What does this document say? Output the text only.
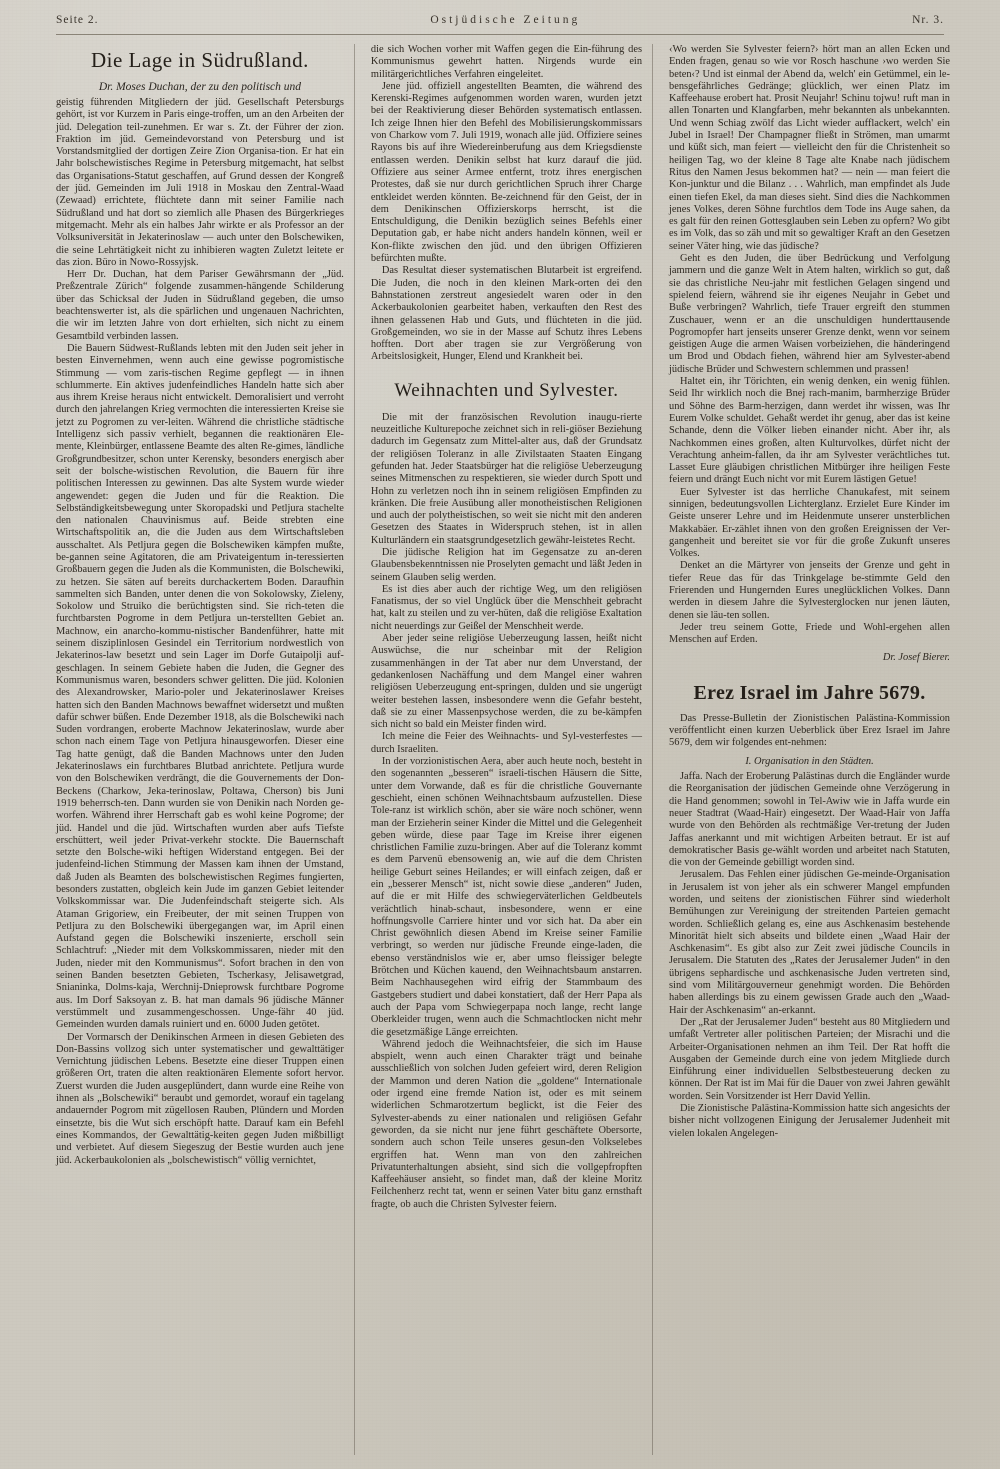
Seite 2.	Ostjüdische Zeitung	Nr. 3.
Die Lage in Südrußland.
Dr. Moses Duchan, der zu den politisch und

geistig führenden Mitgliedern der jüd. Gesellschaft Petersburgs gehört, ist vor Kurzem in Paris einge-troffen, um an den Arbeiten der jüd. Delegation teil-zunehmen. Er war s. Zt. der Führer der zion. Fraktion im jüd. Gemeindevorstand von Petersburg und ist Vorstandsmitglied der dortigen Zeire Zion Organisa-tion. Er hat ein Jahr bolschewistisches Regime in Petersburg mitgemacht, hat selbst das Organisations-Statut geschaffen, auf Grund dessen der Kongreß der jüd. Gemeinden im Juli 1918 in Moskau den Zentral-Waad (Zewaad) errichtete, flüchtete dann mit seiner Familie nach Südrußland und hat dort so ziemlich alle Phasen des Bürgerkrieges mitgemacht. Mehr als ein halbes Jahr wirkte er als Professor an der Volksuniversität in Jekaterinoslaw — auch unter den Bolschewiken, die seine Lehrtätigkeit nicht zu inhibieren wagten Zuletzt leitete er das zion. Büro in Nowo-Rossyjsk.

Herr Dr. Duchan, hat dem Pariser Gewährsmann der „Jüd. Preßzentrale Zürich“ folgende zusammen-hängende Schilderung über das Schicksal der Juden in Südrußland gegeben, die umso beachtenswerter ist, als die spärlichen und ungenauen Nachrichten, die wir im letzten Jahre von dort erhielten, sich nicht zu einem Gesamtbild verbinden lassen.

Die Bauern Südwest-Rußlands lebten mit den Juden seit jeher in besten Einvernehmen, wenn auch eine gewisse pogromistische Stimmung — vom zaris-tischen Regime gepflegt — in ihnen schlummerte. Ein aktives judenfeindliches Handeln hatte sich aber aus ihrem Kreise heraus nicht entwickelt. Demoralisiert und verroht durch den jahrelangen Krieg vermochten die interessierten Kreise sie jetzt zu Pogromen zu ver-leiten. Während die christliche städtische Intelligenz sich passiv verhielt, begannen die reaktionären Ele-mente, Kleinbürger, entlassene Beamte des alten Re-gimes, ländliche Großgrundbesitzer, schon unter Kerensky, besonders energisch aber seit der bolsche-wistischen Revolution, die Bauern für ihre politischen Interessen zu gewinnen. Das alte System wurde wieder angewendet: gegen die Juden und für die Reaktion. Die Selbständigkeitsbewegung unter Skoropadski und Petljura stachelte den nationalen Chauvinismus auf. Beide strebten eine Wirtschaftspolitik an, die die Juden aus dem Wirtschaftsleben ausschaltet. Als Petljura gegen die Bolschewiken kämpfen mußte, be-gannen seine Agitatoren, die am Privateigentum in-teressierten Großbauern gegen die Juden als die Kommunisten, die Bolschewiki, zu hetzen. Sie säten auf bereits durchackertem Boden. Daraufhin sammelten sich Banden, unter denen die von Sokolowsky, Zieleny, Sokolow und Struiko die berüchtigsten sind. Sie rich-teten die furchtbarsten Pogrome in dem Petljura un-terstellten Gebiet an. Machnow, ein anarcho-kommu-nistischer Bandenführer, hatte mit seinem disziplinlosen Gesindel ein Territorium nordwestlich von Jekaterinos-law besetzt und sein Lager im Dorfe Gutaipolji auf-geschlagen. In seinem Gebiete haben die Juden, die Gegner des Kommunismus waren, besonders schwer gelitten. Die jüd. Kolonien des Alexandrowsker, Mario-poler und Jekaterinoslawer Kreises hatten sich den Banden Machnows bewaffnet widersetzt und mußten dafür schwer büßen. Ende Dezember 1918, als die Bolschewiki nach Suden vordrangen, eroberte Machnow Jekaterinoslaw, wurde aber schon nach einem Tage von Petljura hinausgeworfen. Dieser eine Tag hatte genügt, daß die Banden Machnows unter den Juden Jekaterinoslaws ein furchtbares Blutbad anrichtete. Petljura wurde von den Bolschewiken verdrängt, die die Gouvernements der Don-Beckens (Charkow, Jeka-terinoslaw, Poltawa, Cherson) bis Juni 1919 beherrsch-ten. Dann wurden sie von Denikin nach Norden ge-worfen. Während ihrer Herrschaft gab es wohl keine Pogrome; der jüd. Handel und die jüd. Wirtschaften wurden aber aufs Tiefste erschüttert, weil jeder Privat-verkehr stockte. Die Bauernschaft setzte den Bolsche-wiki heftigen Widerstand entgegen. Bei der judenfeind-lichen Stimmung der Massen kam ihnen der Umstand, daß Juden als Beamten des bolschewistischen Regimes fungierten, besonders zustatten, obgleich kein Jude im ganzen Gebiet leitender Volkskommissar war. Die Judenfeindschaft steigerte sich. Als Ataman Grigoriew, ein Freibeuter, der mit seinen Truppen von Petljura zu den Bolschewiki übergegangen war, im April einen Aufstand gegen die Bolschewiki inszenierte, erscholl sein Schlachtruf: „Nieder mit dem Volkskommissaren, nieder mit den Juden, nieder mit den Kommunismus“. Sofort brachen in den von seinen Banden besetzten Gebieten, Tscherkasy, Jelisawetgrad, Snianinka, Dolms-kaja, Werchnij-Dnieprowsk furchtbare Pogrome aus. Im Dorf Saksoyan z. B. hat man damals 96 jüdische Männer verstümmelt und zusammengeschossen. Unge-fähr 40 jüd. Gemeinden wurden damals ruiniert und en. 6000 Juden getötet.

Der Vormarsch der Denikinschen Armeen in diesen Gebieten des Don-Bassins vollzog sich unter systematischer und gewalttätiger Vernichtung jüdischen Lebens. Besetzte eine dieser Truppen einen größeren Ort, traten die alten reaktionären Elemente sofort hervor. Zuerst wurden die Juden ausgeplündert, dann wurde eine Reihe von ihnen als „Bolschewiki“ beraubt und gemordet, worauf ein tagelang andauernder Pogrom mit zügellosen Rauben, Plündern und Morden einsetzte, bis die Wut sich erschöpft hatte. Darauf kam ein Befehl eines Kommandos, der Gewalttätig-keiten gegen Juden mißbilligt und verbietet. Auf diesem Siegeszug der Bestie wurden auch jene jüd. Ackerbaukolonien als „bolschewistisch“ völlig vernichtet,

die sich Wochen vorher mit Waffen gegen die Ein-führung des Kommunismus gewehrt hatten. Nirgends wurde ein militärgerichtliches Verfahren eingeleitet.

Jene jüd. offiziell angestellten Beamten, die während des Kerenski-Regimes aufgenommen worden waren, wurden jetzt bei der Reaktivierung dieser Behörden systematisch entlassen. Ich zeige Ihnen hier den Befehl des Mobilisierungskommissars von Charkow vom 7. Juli 1919, wonach alle jüd. Offiziere seines Rayons bis auf ihre Wiedereinberufung aus dem Kriegsdienste entlassen werden. Denikin selbst hat kurz darauf die jüd. Offiziere aus seiner Armee entfernt, trotz ihres energischen Protestes, daß sie nur durch gerichtlichen Spruch ihrer Charge entkleidet werden könnten. Be-zeichnend für den Geist, der in dem Denikinschen Offizierskorps herrscht, ist die Entschuldigung, die Denikin bezüglich seines Befehls einer Deputation gab, er habe nicht anders handeln können, weil er Kon-flikte zwischen den jüd. und den übrigen Offizieren befürchten mußte.

Das Resultat dieser systematischen Blutarbeit ist ergreifend. Die Juden, die noch in den kleinen Mark-orten dei den Bahnstationen zerstreut angesiedelt waren oder in den Ackerbaukolonien gearbeitet haben, verkauften den Rest des ihnen gelassenen Hab und Guts, und flüchteten in die jüd. Großgemeinden, wo sie in der Masse auf Schutz ihres Lebens hofften. Dort aber tragen sie zur Vergrößerung von Arbeitslosigkeit, Hunger, Elend und Krankheit bei.

Weihnachten und Sylvester.

Die mit der französischen Revolution inaugu-rierte neuzeitliche Kulturepoche zeichnet sich in reli-giöser Beziehung dadurch im Gegensatz zum Mittel-alter aus, daß der Grundsatz der religiösen Toleranz in alle Zivilstaaten Staaten Eingang gefunden hat. Jeder Staatsbürger hat die religiöse Ueberzeugung seines Mitmenschen zu respektieren, sie wieder durch Spott und Hohn zu verletzen noch ihn in seinem religiösen Empfinden zu kränken. Die freie Ausübung aller monotheistischen Religionen und auch der polytheistischen, so weit sie nicht mit den anderen Gesetzen des Staates in Widerspruch stehen, ist in allen Kulturländern ein staatsgrundgesetzlich gewähr-leistetes Recht.

Die jüdische Religion hat im Gegensatze zu an-deren Glaubensbekenntnissen nie Proselyten gemacht und läßt Jeden in seinem Glauben selig werden.

Es ist dies aber auch der richtige Weg, um den religiösen Fanatismus, der so viel Unglück über die Menschheit gebracht hat, kalt zu steilen und zu ver-hüten, daß die religiöse Exaltation nicht neuerdings zur Geißel der Menschheit werde.

Aber jeder seine religiöse Ueberzeugung lassen, heißt nicht Auswüchse, die nur scheinbar mit der Religion zusammenhängen in der Tat aber nur dem Unverstand, der gedankenlosen Nachäffung und dem Mangel einer wahren religiösen Ueberzeugung ent-springen, dulden und sie ungerügt weiter bestehen lassen, insbesondere wenn die Gefahr besteht, daß sie zu einer Massenpsychose werden, die zu be-kämpfen sich nicht so bald ein Meister finden wird.

Ich meine die Feier des Weihnachts- und Syl-vesterfestes — durch Israeliten.

In der vorzionistischen Aera, aber auch heute noch, besteht in den sogenannten „besseren“ israeli-tischen Häusern die Sitte, unter dem Vorwande, daß es für die christliche Gouvernante geschieht, einen schönen Weihnachtsbaum aufzustellen. Diese Tole-ranz ist wirklich schön, aber sie wäre noch schöner, wenn man der Erzieherin seiner Kinder die Mittel und die Gelegenheit geben würde, diese paar Tage im Kreise ihrer eigenen christlichen Familie zuzu-bringen. Aber auf die Toleranz kommt es dem Parvenü ebensowenig an, wie auf die dem Christen heilige Geburt seines Heilandes; er will einfach zeigen, daß er ein „besserer Mensch“ ist, nicht sowie diese „anderen“ Juden, auf die er mit Hilfe des schwiegerväterlichen Geldbeutels verächtlich hinab-schaut, insbesondere, wenn er eine hoffnungsvolle Carriere hinter und vor sich hat. Da aber ein Christ gewöhnlich diesen Abend im Kreise seiner Familie verbringt, so werden nur jüdische Freunde einge-laden, die ebenso verständnislos wie er, aber umso fleissiger belegte Brötchen und Küchen kauend, den Weihnachtsbaum anstarren. Beim Nachhausegehen wird eifrig der Stammbaum des Gastgebers studiert und dabei konstatiert, daß der Herr Papa als auch der Papa vom Schwiegerpapa noch lange, recht lange Oberkleider trugen, wenn auch die Schmachtlocken nicht mehr die gesetzmäßige Länge erreichten.

Während jedoch die Weihnachtsfeier, die sich im Hause abspielt, wenn auch einen Charakter trägt und beinahe ausschließlich von solchen Juden gefeiert wird, deren Religion der Mammon und deren Nation die „goldene“ Internationale oder irgend eine fremde Nation ist, oder es mit seinem widerlichen Schmarotzertum beglickt, ist die Feier des Sylvester-abends zu einer nationalen und religiösen Gefahr geworden, da sie nicht nur jene führt geschäftete Obersorte, sondern auch schon Teile unseres gesun-den Volkselebes ergriffen hat. Wenn man von den zahlreichen Privatunterhaltungen absieht, sind sich die vollgepfropften Kaffeehäuser ansieht, so findet man, daß der kleine Moritz Feilchenherz recht tat, wenn er seinen Vater bitu ganz ernsthaft fragte, ob auch die Christen Sylvester feiern.

‹Wo werden Sie Sylvester feiern?› hört man an allen Ecken und Enden fragen, genau so wie vor Rosch haschune ›wo werden Sie beten‹? Und ist einmal der Abend da, welch' ein Getümmel, ein le-bensgefährliches Gedränge; glücklich, wer einen Platz im Kaffeehause erobert hat. Prosit Neujahr! Schinu tojwu! ruft man in allen Tonarten und Klangfarben, mehr bekannten als unbekannten. Und wenn Schiag zwölf das Licht wieder aufflackert, welch' ein Jubel in Israel! Der Champagner fließt in Strömen, man umarmt und küßt sich, man feiert — vielleicht den für die Christenheit so heiligen Tag, wo der kleine 8 Tage alte Knabe nach jüdischem Ritus den Namen Jesus bekommen hat? — nein — man feiert die Kon-junktur und die Bilanz . . . Wahrlich, man empfindet als Jude einen tiefen Ekel, da man dieses sieht. Sind dies die Nachkommen jenes Volkes, deren Söhne furchtlos dem Tode ins Auge sahen, da es galt für den reinen Gottesglauben sein Leben zu opfern? Wo gibt es im Volk, das so zäh und mit so gewaltiger Kraft an den Gesetzen seiner Väter hing, wie das jüdische?

Geht es den Juden, die über Bedrückung und Verfolgung jammern und die ganze Welt in Atem halten, wirklich so gut, daß sie das christliche Neu-jahr mit festlichen Gelagen singend und spielend feiern, während sie ihr eigenes Neujahr in Gebet und Buße verbringen? Wahrlich, tiefe Trauer ergreift den stummen Zuschauer, wenn er an die unschuldigen hunderttausende Pogromopfer hart jenseits unserer Grenze denkt, wenn vor seinem geistigen Auge die armen Waisen vorbeiziehen, die händeringend um Brod und Obdach fiehen, während hier am Sylvester-abend jüdische Brüder und Schwestern schlemmen und prassen!

Haltet ein, ihr Törichten, ein wenig denken, ein wenig fühlen. Seid Ihr wirklich noch die Bnej rach-manim, barmherzige Brüder und Söhne des Barm-herzigen, dann werdet ihr wissen, was Ihr Eurem Volke schuldet. Gehaßt werdet ihr genug, aber das ist keine Schande, denn die Völker lieben einander nicht. Aber ihr, als Nachkommen eines großen, alten Kulturvolkes, dürfet nicht der Verachtung anheim-fallen, da ihr am Sylvester verächtliches tut. Lasset Eure gläubigen christlichen Mitbürger ihre heiligen Feste feiern und drängt Euch nicht vor mit Eurem lästigen Getue!

Euer Sylvester ist das herrliche Chanukafest, mit seinem sinnigen, bedeutungsvollen Lichterglanz. Erzielet Eure Kinder im Geiste unserer Lehre und im Heidenmute unserer unsterblichen Makkabäer. Er-zählet ihnen von den großen Ereignissen der Ver-gangenheit und bereitet sie vor für die große Zukunft unseres Volkes.

Denket an die Märtyrer von jenseits der Grenze und geht in tiefer Reue das für das Trinkgelage be-stimmte Geld den Frierenden und Hungernden Eures uneglücklichen Volkes. Dann werden in diesem Jahre die Sylvesterglocken nur jenen läuten, denen sie läu-ten sollen.

Jeder treu seinem Gotte, Friede und Wohl-ergehen allen Menschen auf Erden.

Dr. Josef Bierer.

Erez Israel im Jahre 5679.

Das Presse-Bulletin der Zionistischen Palästina-Kommission veröffentlicht einen kurzen Ueberblick über Erez Israel im Jahre 5679, dem wir folgendes ent-nehmen:

I. Organisation in den Städten.

Jaffa. Nach der Eroberung Palästinas durch die Engländer wurde die Reorganisation der jüdischen Gemeinde ohne Verzögerung in die Hand genommen; sowohl in Tel-Awiw wie in Jaffa wurde ein neuer Stadtrat (Waad-Hair) eingesetzt. Der Waad-Hair von Jaffa wurde von den Behörden als rechtmäßige Ver-tretung der Juden Jaffas anerkannt und mit wichtigen Arbeiten betraut. Er ist auf demokratischer Basis ge-wählt worden und arbeitet nach Statuten, die von der Gemeinde gebilligt worden sind.

Jerusalem. Das Fehlen einer jüdischen Ge-meinde-Organisation in Jerusalem ist von jeher als ein schwerer Mangel empfunden worden, und seitens der zionistischen Führer sind wiederholt Bemühungen zur Vereinigung der streitenden Parteien gemacht worden. Schließlich gelang es, eine aus Aschkenasim bestehende Minorität hielt sich abseits und bildete einen „Waad Hair der Aschkenasim“. Es gibt also zur Zeit zwei jüdische Councils in Jerusalem. Die Statuten des „Rates der Jerusalemer Juden“ in den übrigens sephardische und aschkenasische Juden vertreten sind, sind vom Militärgouverneur genehmigt worden. Die Behörden haben allerdings bis zu einem gewissen Grade auch den „Waad-Hair der Aschkenasim“ an-erkannt.

Der „Rat der Jerusalemer Juden“ besteht aus 80 Mitgliedern und umfaßt Vertreter aller politischen Parteien; der Misrachi und die Arbeiter-Organisationen nehmen an ihm Teil. Der Rat hofft die Ausgaben der Gemeinde durch eine von jedem Mitgliede durch Einführung einer individuellen Selbstbesteuerung decken zu können. Der Rat ist im Mai für die Dauer von zwei Jahren gewählt worden. Sein Vorsitzender ist Herr David Yellin.

Die Zionistische Palästina-Kommission hatte sich angesichts der bisher nicht vollzogenen Einigung der Jerusalemer Judenheit mit vielen lokalen Angelegen-
